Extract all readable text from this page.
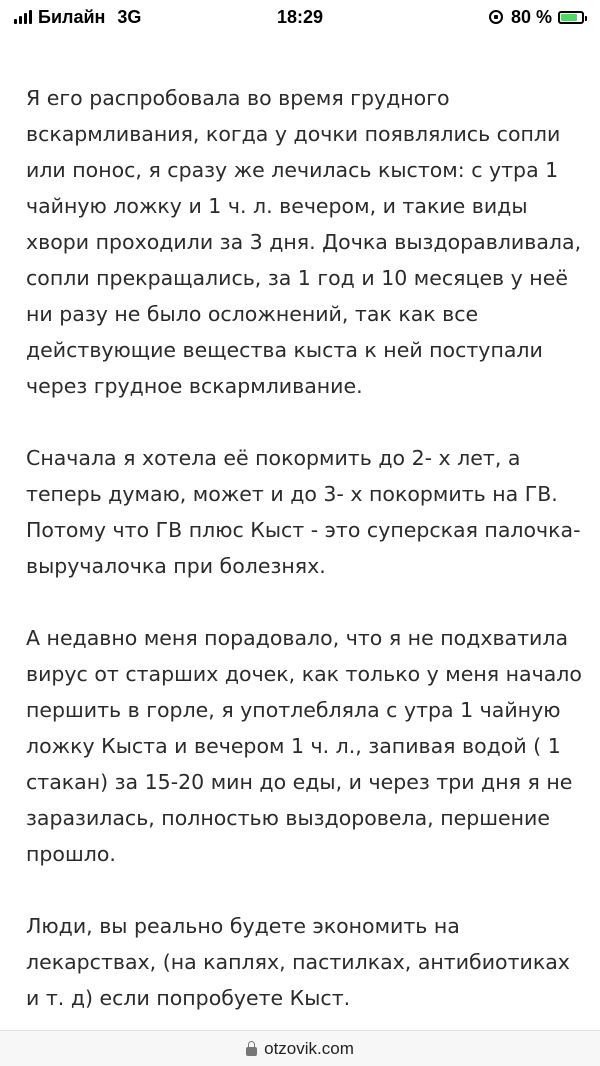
Билайн 3G	18:29	80 %

Я его распробовала во время грудного вскармливания, когда у дочки появлялись сопли или понос, я сразу же лечилась кыстом: с утра 1 чайную ложку и 1 ч. л. вечером, и такие виды хвори проходили за 3 дня. Дочка выздоравливала, сопли прекращались, за 1 год и 10 месяцев у неё ни разу не было осложнений, так как все действующие вещества кыста к ней поступали через грудное вскармливание.

Сначала я хотела её покормить до 2- х лет, а теперь думаю, может и до 3- х покормить на ГВ. Потому что ГВ плюс Кыст - это суперская палочка- выручалочка при болезнях.

А недавно меня порадовало, что я не подхватила вирус от старших дочек, как только у меня начало першить в горле, я употлебляла с утра 1 чайную ложку Кыста и вечером 1 ч. л., запивая водой ( 1 стакан) за 15-20 мин до еды, и через три дня я не заразилась, полностью выздоровела, першение прошло.

Люди, вы реально будете экономить на лекарствах, (на каплях, пастилках, антибиотиках и т. д) если попробуете Кыст.

otzovik.com
